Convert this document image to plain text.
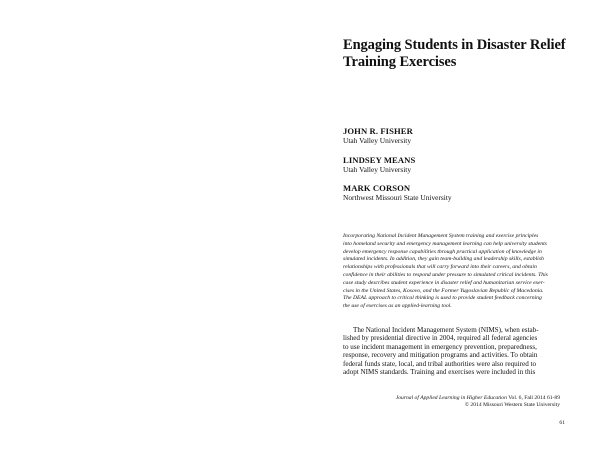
Engaging Students in Disaster Relief
Training Exercises
JOHN R. FISHER
Utah Valley University
LINDSEY MEANS
Utah Valley University
MARK CORSON
Northwest Missouri State University
Incorporating National Incident Management System training and exercise principles
into homeland security and emergency management learning can help university students
develop emergency response capabilities through practical application of knowledge in
simulated incidents. In addition, they gain team-building and leadership skills, establish
relationships with professionals that will carry forward into their careers, and obtain
confidence in their abilities to respond under pressure to simulated critical incidents. This
case study describes student experience in disaster relief and humanitarian service exer-
cises in the United States, Kosovo, and the Former Yugoslavian Republic of Macedonia.
The DEAL approach to critical thinking is used to provide student feedback concerning
the use of exercises as an applied-learning tool.
The National Incident Management System (NIMS), when estab-
lished by presidential directive in 2004, required all federal agencies
to use incident management in emergency prevention, preparedness,
response, recovery and mitigation programs and activities. To obtain
federal funds state, local, and tribal authorities were also required to
adopt NIMS standards. Training and exercises were included in this
Journal of Applied Learning in Higher Education Vol. 6, Fall 2014 61-89
© 2014 Missouri Western State University
61
